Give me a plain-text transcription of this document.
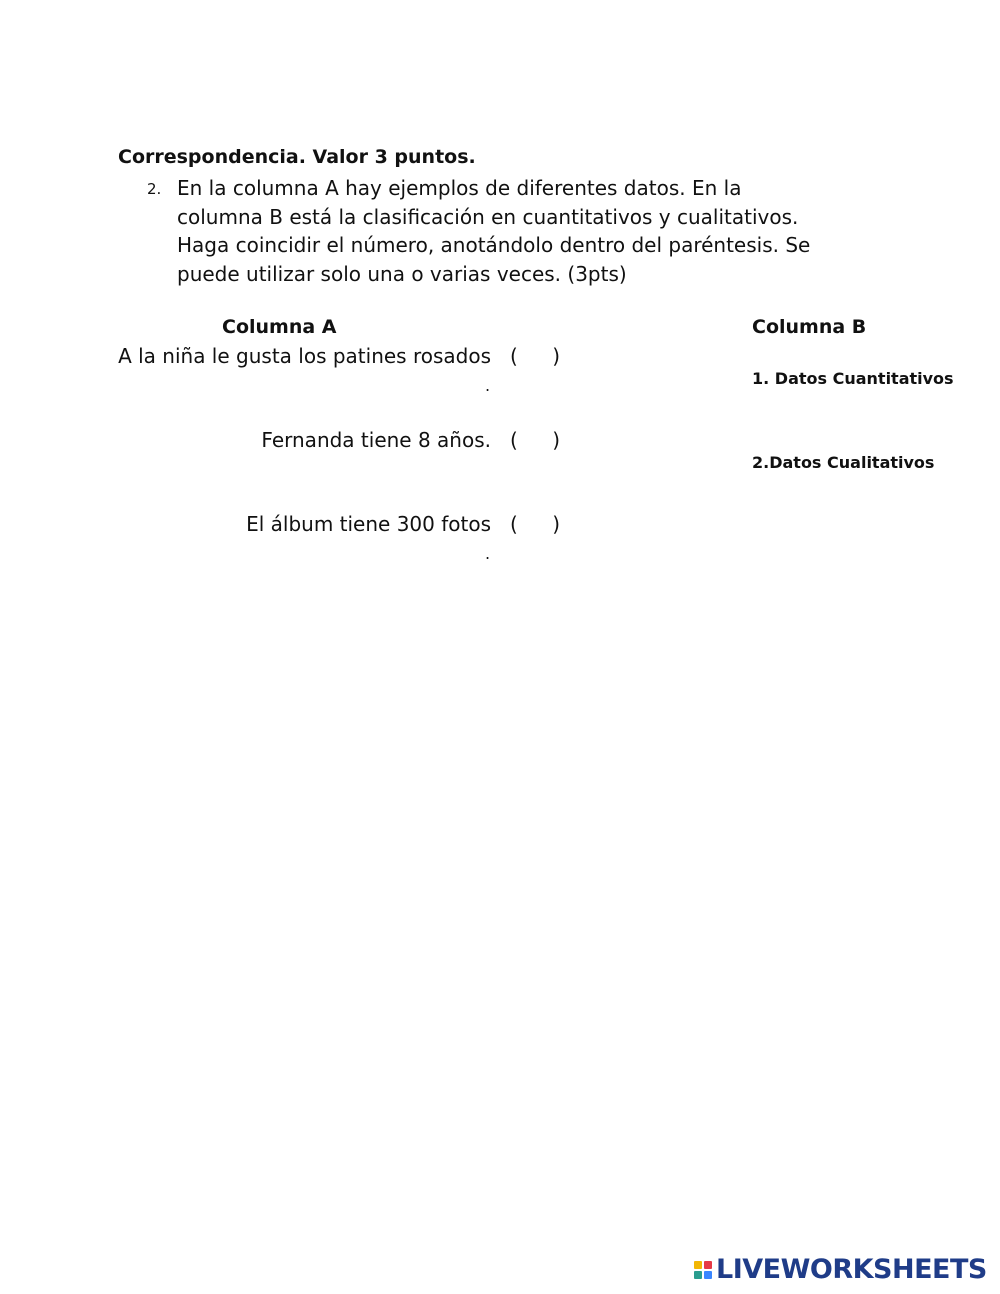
Correspondencia. Valor 3 puntos.
2. En la columna A hay ejemplos de diferentes datos. En la
columna B está la clasificación en cuantitativos y cualitativos.
Haga coincidir el número, anotándolo dentro del paréntesis. Se
puede utilizar solo una o varias veces. (3pts)
Columna A	Columna B
A la niña le gusta los patines rosados ( )
.
Fernanda tiene 8 años. ( )
El álbum tiene 300 fotos ( )
.
1. Datos Cuantitativos
2.Datos Cualitativos
LIVEWORKSHEETS
